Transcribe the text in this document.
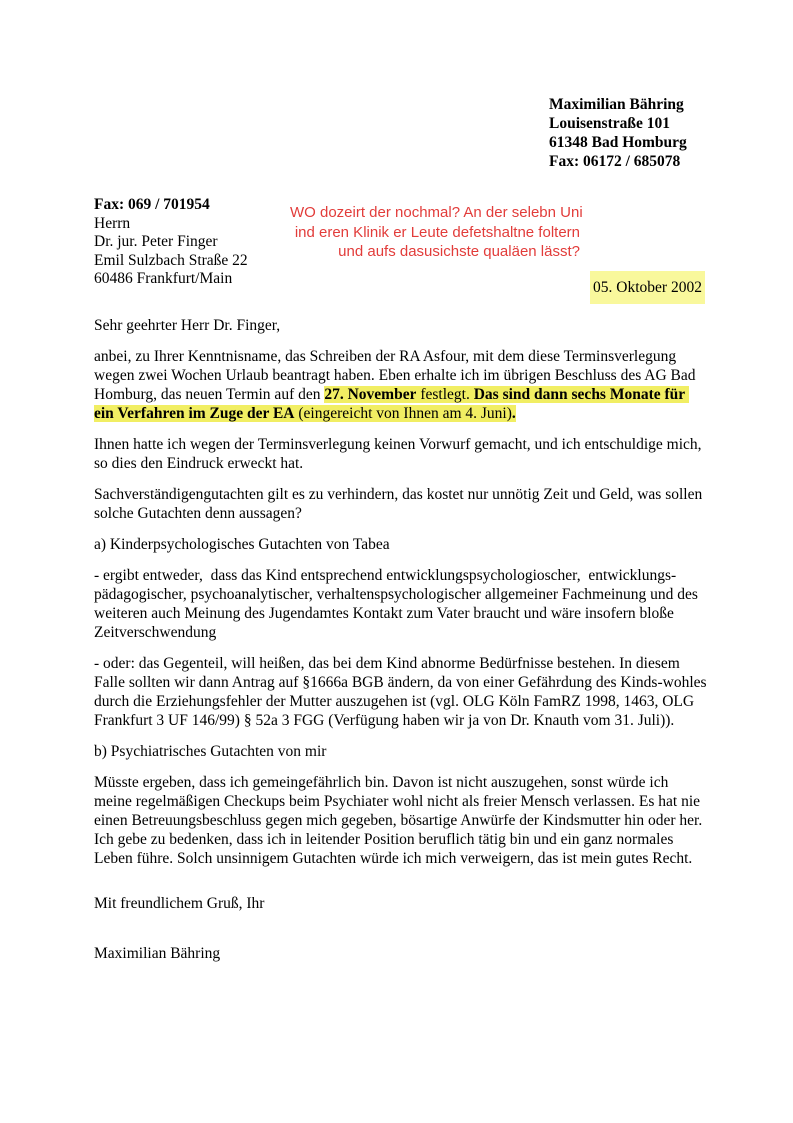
Maximilian Bähring
Louisenstraße 101
61348 Bad Homburg
Fax: 06172 / 685078
Fax: 069 / 701954
Herrn
Dr. jur. Peter Finger
Emil Sulzbach Straße 22
60486 Frankfurt/Main
WO dozeirt der nochmal? An der selebn Uni
ind eren Klinik er Leute defetshaltne foltern
und aufs dasusichste qualäen lässt?
05. Oktober 2002

Sehr geehrter Herr Dr. Finger,

anbei, zu Ihrer Kenntnisname, das Schreiben der RA Asfour, mit dem diese Terminsverlegung wegen zwei Wochen Urlaub beantragt haben. Eben erhalte ich im übrigen Beschluss des AG Bad Homburg, das neuen Termin auf den 27. November festlegt. Das sind dann sechs Monate für ein Verfahren im Zuge der EA (eingereicht von Ihnen am 4. Juni).

Ihnen hatte ich wegen der Terminsverlegung keinen Vorwurf gemacht, und ich entschuldige mich, so dies den Eindruck erweckt hat.

Sachverständigengutachten gilt es zu verhindern, das kostet nur unnötig Zeit und Geld, was sollen solche Gutachten denn aussagen?

a) Kinderpsychologisches Gutachten von Tabea

- ergibt entweder,  dass das Kind entsprechend entwicklungspsychologioscher,  entwicklungs-pädagogischer, psychoanalytischer, verhaltenspsychologischer allgemeiner Fachmeinung und des weiteren auch Meinung des Jugendamtes Kontakt zum Vater braucht und wäre insofern bloße Zeitverschwendung

- oder: das Gegenteil, will heißen, das bei dem Kind abnorme Bedürfnisse bestehen. In diesem Falle sollten wir dann Antrag auf §1666a BGB ändern, da von einer Gefährdung des Kinds-wohles durch die Erziehungsfehler der Mutter auszugehen ist (vgl. OLG Köln FamRZ 1998, 1463, OLG Frankfurt 3 UF 146/99) § 52a 3 FGG (Verfügung haben wir ja von Dr. Knauth vom 31. Juli)).

b) Psychiatrisches Gutachten von mir

Müsste ergeben, dass ich gemeingefährlich bin. Davon ist nicht auszugehen, sonst würde ich meine regelmäßigen Checkups beim Psychiater wohl nicht als freier Mensch verlassen. Es hat nie einen Betreuungsbeschluss gegen mich gegeben, bösartige Anwürfe der Kindsmutter hin oder her. Ich gebe zu bedenken, dass ich in leitender Position beruflich tätig bin und ein ganz normales Leben führe. Solch unsinnigem Gutachten würde ich mich verweigern, das ist mein gutes Recht.

Mit freundlichem Gruß, Ihr

Maximilian Bähring
